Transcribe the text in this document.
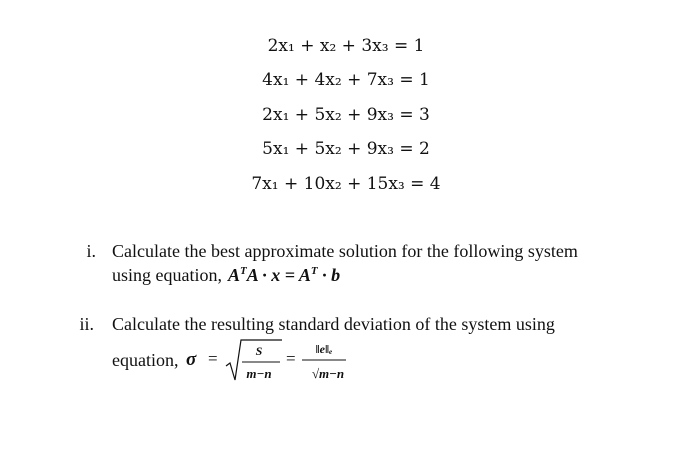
2x₁ + x₂ + 3x₃ = 1
4x₁ + 4x₂ + 7x₃ = 1
2x₁ + 5x₂ + 9x₃ = 3
5x₁ + 5x₂ + 9x₃ = 2
7x₁ + 10x₂ + 15x₃ = 4
i. Calculate the best approximate solution for the following system
using equation, $A^TA \cdot x = A^T \cdot b$
ii. Calculate the resulting standard deviation of the system using
equation, σ =	S
m−n
=	‖e‖ₑ
√m−n
